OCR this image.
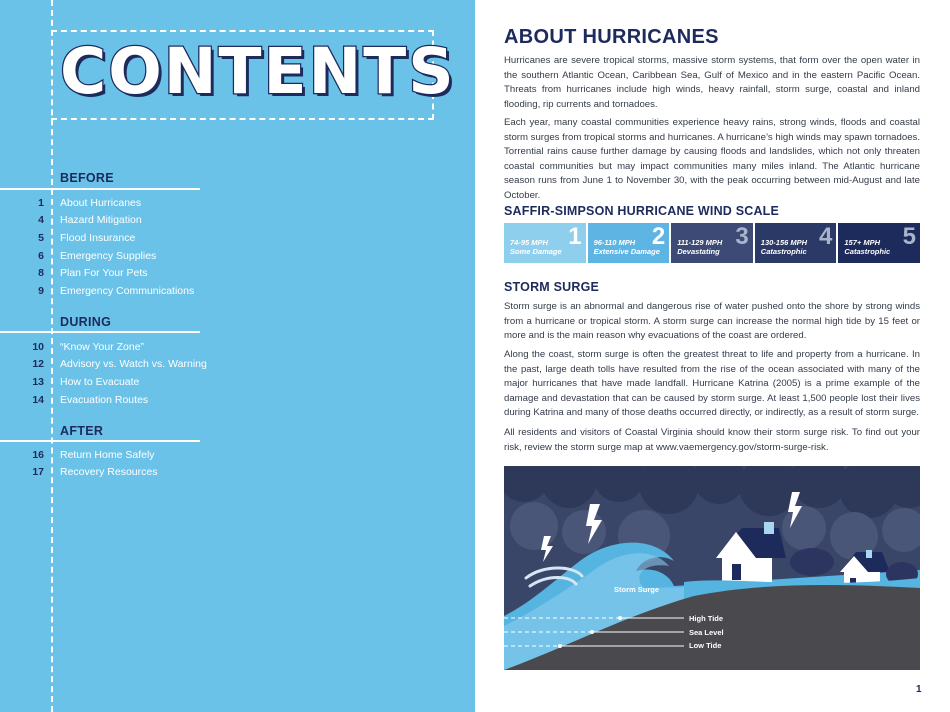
CONTENTS
BEFORE
1 About Hurricanes
4 Hazard Mitigation
5 Flood Insurance
6 Emergency Supplies
8 Plan For Your Pets
9 Emergency Communications
DURING
10 “Know Your Zone”
12 Advisory vs. Watch vs. Warning
13 How to Evacuate
14 Evacuation Routes
AFTER
16 Return Home Safely
17 Recovery Resources
ABOUT HURRICANES

Hurricanes are severe tropical storms, massive storm systems, that form over the open water in the southern Atlantic Ocean, Caribbean Sea, Gulf of Mexico and in the eastern Pacific Ocean. Threats from hurricanes include high winds, heavy rainfall, storm surge, coastal and inland flooding, rip currents and tornadoes.

Each year, many coastal communities experience heavy rains, strong winds, floods and coastal storm surges from tropical storms and hurricanes. A hurricane’s high winds may spawn tornadoes. Torrential rains cause further damage by causing floods and landslides, which not only threaten coastal communities but may impact communities many miles inland. The Atlantic hurricane season runs from June 1 to November 30, with the peak occurring between mid-August and late October.

SAFFIR-SIMPSON HURRICANE WIND SCALE
1
74-95 MPH
Some Damage
2
96-110 MPH
Extensive Damage
3
111-129 MPH
Devastating
4
130-156 MPH
Catastrophic
5
157+ MPH
Catastrophic
STORM SURGE

Storm surge is an abnormal and dangerous rise of water pushed onto the shore by strong winds from a hurricane or tropical storm. A storm surge can increase the normal high tide by 15 feet or more and is the main reason why evacuations of the coast are ordered.

Along the coast, storm surge is often the greatest threat to life and property from a hurricane. In the past, large death tolls have resulted from the rise of the ocean associated with many of the major hurricanes that have made landfall. Hurricane Katrina (2005) is a prime example of the damage and devastation that can be caused by storm surge. At least 1,500 people lost their lives during Katrina and many of those deaths occurred directly, or indirectly, as a result of storm surge.

All residents and visitors of Coastal Virginia should know their storm surge risk. To find out your risk, review the storm surge map at www.vaemergency.gov/storm-surge-risk.

Storm Surge
High Tide
Sea Level
Low Tide
1
